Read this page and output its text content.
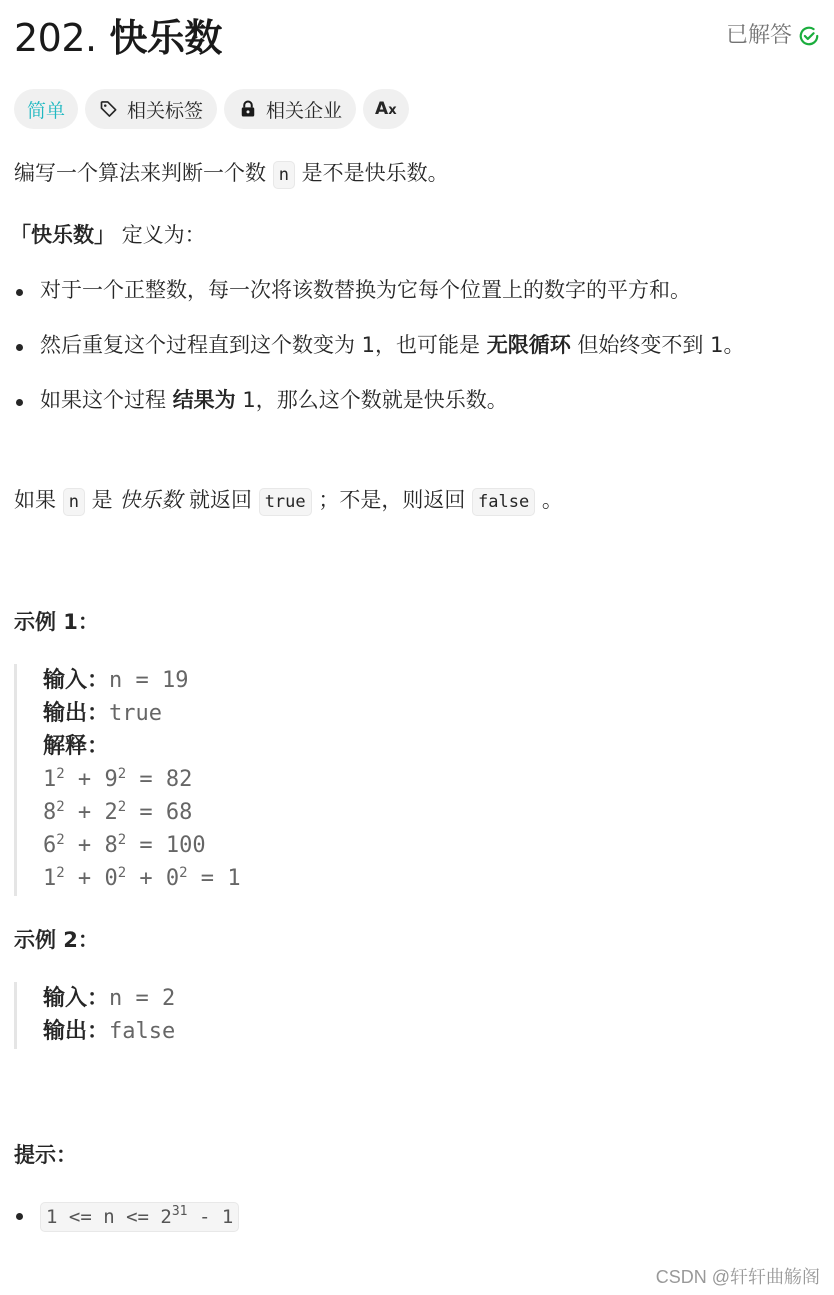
202. 快乐数	已解答
简单	相关标签	相关企业 Ax

编写一个算法来判断一个数 n 是不是快乐数。

「快乐数」 定义为：

对于一个正整数，每一次将该数替换为它每个位置上的数字的平方和。
然后重复这个过程直到这个数变为 1，也可能是 无限循环 但始终变不到 1。
如果这个过程 结果为 1，那么这个数就是快乐数。

如果 n 是 快乐数 就返回 true ；不是，则返回 false 。

示例 1：
输入：n = 19
输出：true
解释：
$1^2 + 9^2 = 82$
$8^2 + 2^2 = 68$
$6^2 + 8^2 = 100$
$1^2 + 0^2 + 0^2 = 1$
示例 2：
输入：n = 2
输出：false
提示：
$1 <= n <= 2^{31} - 1$
CSDN @轩轩曲觞阁
